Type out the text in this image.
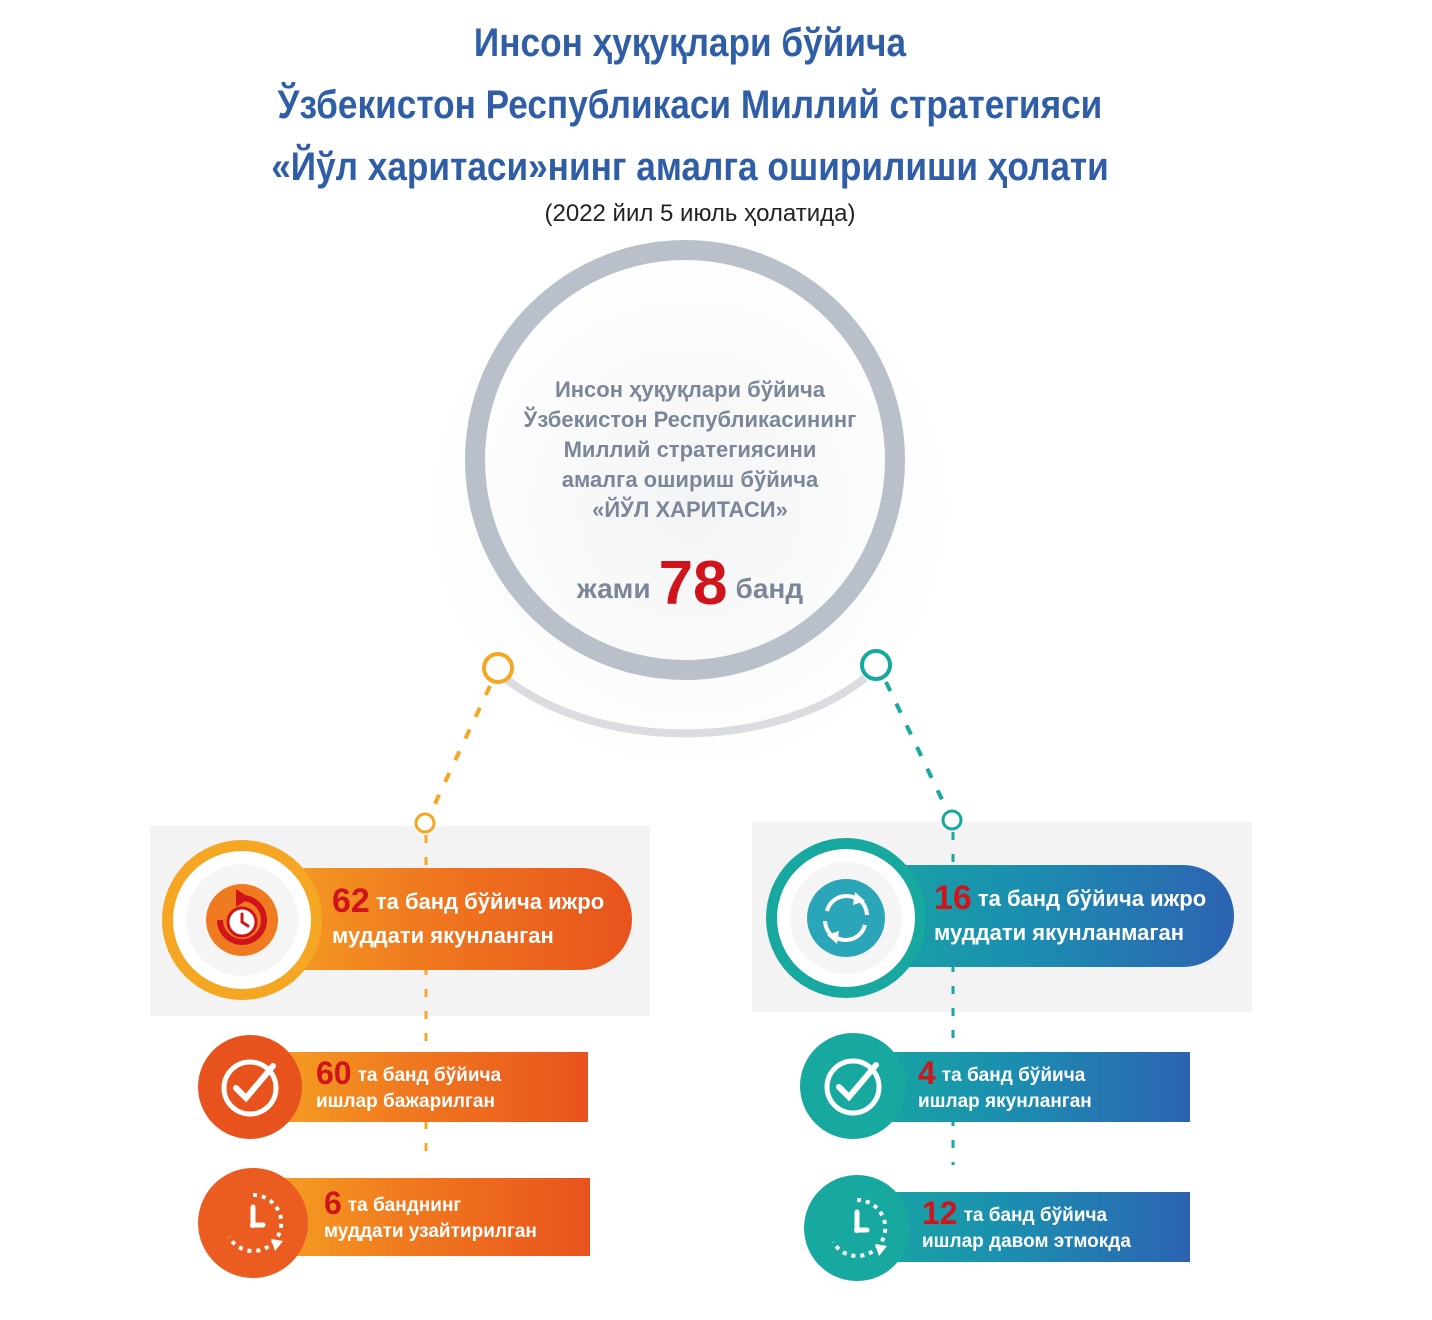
Инсон ҳуқуқлари бўйича
Ўзбекистон Республикаси Миллий стратегияси
«Йўл харитаси»нинг амалга оширилиши ҳолати
(2022 йил 5 июль ҳолатида)
Инсон ҳуқуқлари бўйича
Ўзбекистон Республикасининг
Миллий стратегиясини
амалга ошириш бўйича
«ЙЎЛ ХАРИТАСИ»
жами 78 банд
62 та банд бўйича ижро
муддати якунланган
60 та банд бўйича
ишлар бажарилган
6 та банднинг
муддати узайтирилган
16 та банд бўйича ижро
муддати якунланмаган
4 та банд бўйича
ишлар якунланган
12 та банд бўйича
ишлар давом этмокда
